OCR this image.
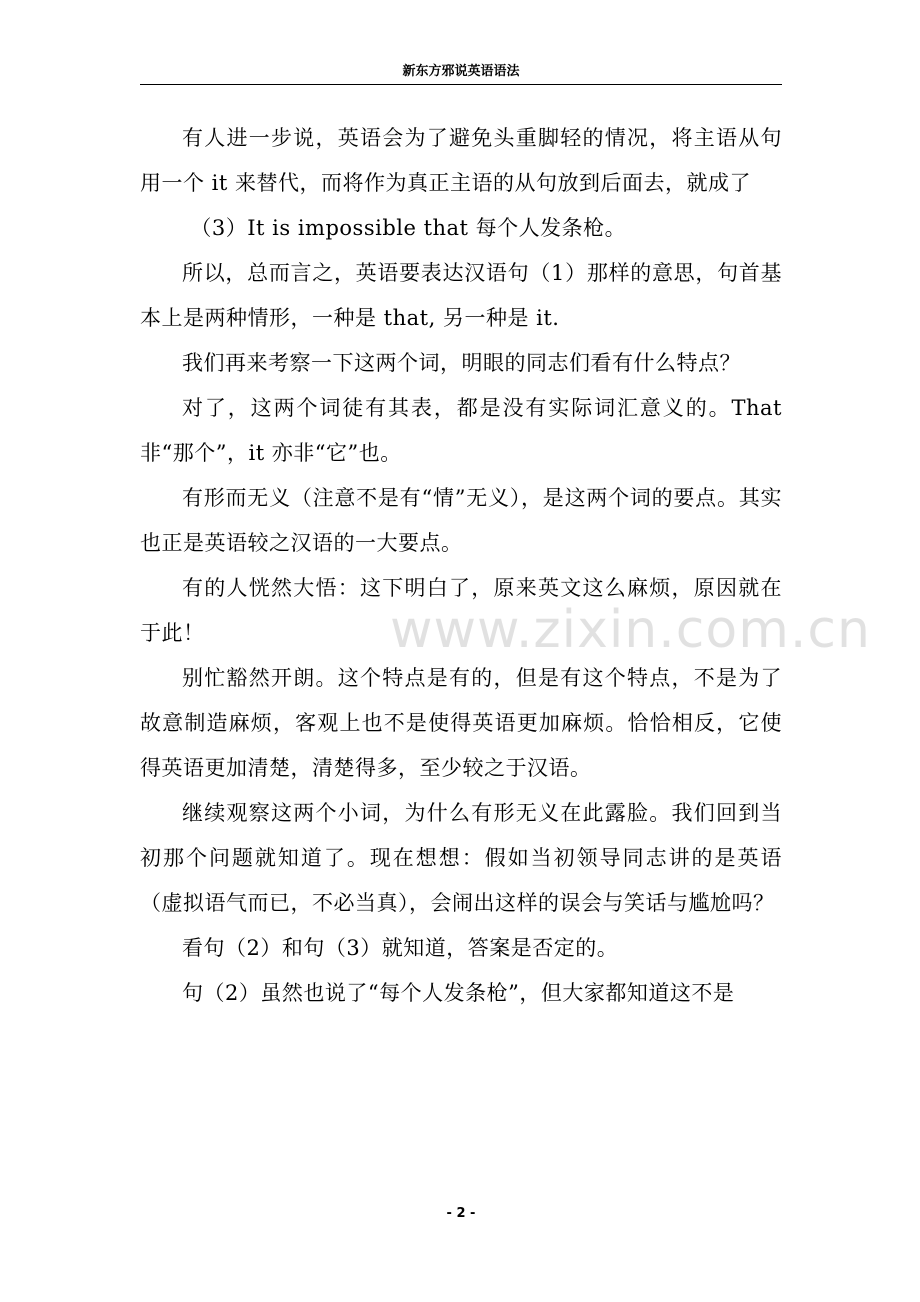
新东方邪说英语语法

有人进一步说，英语会为了避免头重脚轻的情况，将主语从句用一个 it 来替代，而将作为真正主语的从句放到后面去，就成了

（3）It is impossible that 每个人发条枪。

所以，总而言之，英语要表达汉语句（1）那样的意思，句首基本上是两种情形，一种是 that, 另一种是 it.

我们再来考察一下这两个词，明眼的同志们看有什么特点？

对了，这两个词徒有其表，都是没有实际词汇意义的。That 非“那个”，it 亦非“它”也。

有形而无义（注意不是有“情”无义），是这两个词的要点。其实也正是英语较之汉语的一大要点。

有的人恍然大悟：这下明白了，原来英文这么麻烦，原因就在于此！

别忙豁然开朗。这个特点是有的，但是有这个特点，不是为了故意制造麻烦，客观上也不是使得英语更加麻烦。恰恰相反，它使得英语更加清楚，清楚得多，至少较之于汉语。

继续观察这两个小词，为什么有形无义在此露脸。我们回到当初那个问题就知道了。现在想想：假如当初领导同志讲的是英语（虚拟语气而已，不必当真），会闹出这样的误会与笑话与尴尬吗？

看句（2）和句（3）就知道，答案是否定的。

句（2）虽然也说了“每个人发条枪”，但大家都知道这不是

www.zixin.com.cn
- 2 -
